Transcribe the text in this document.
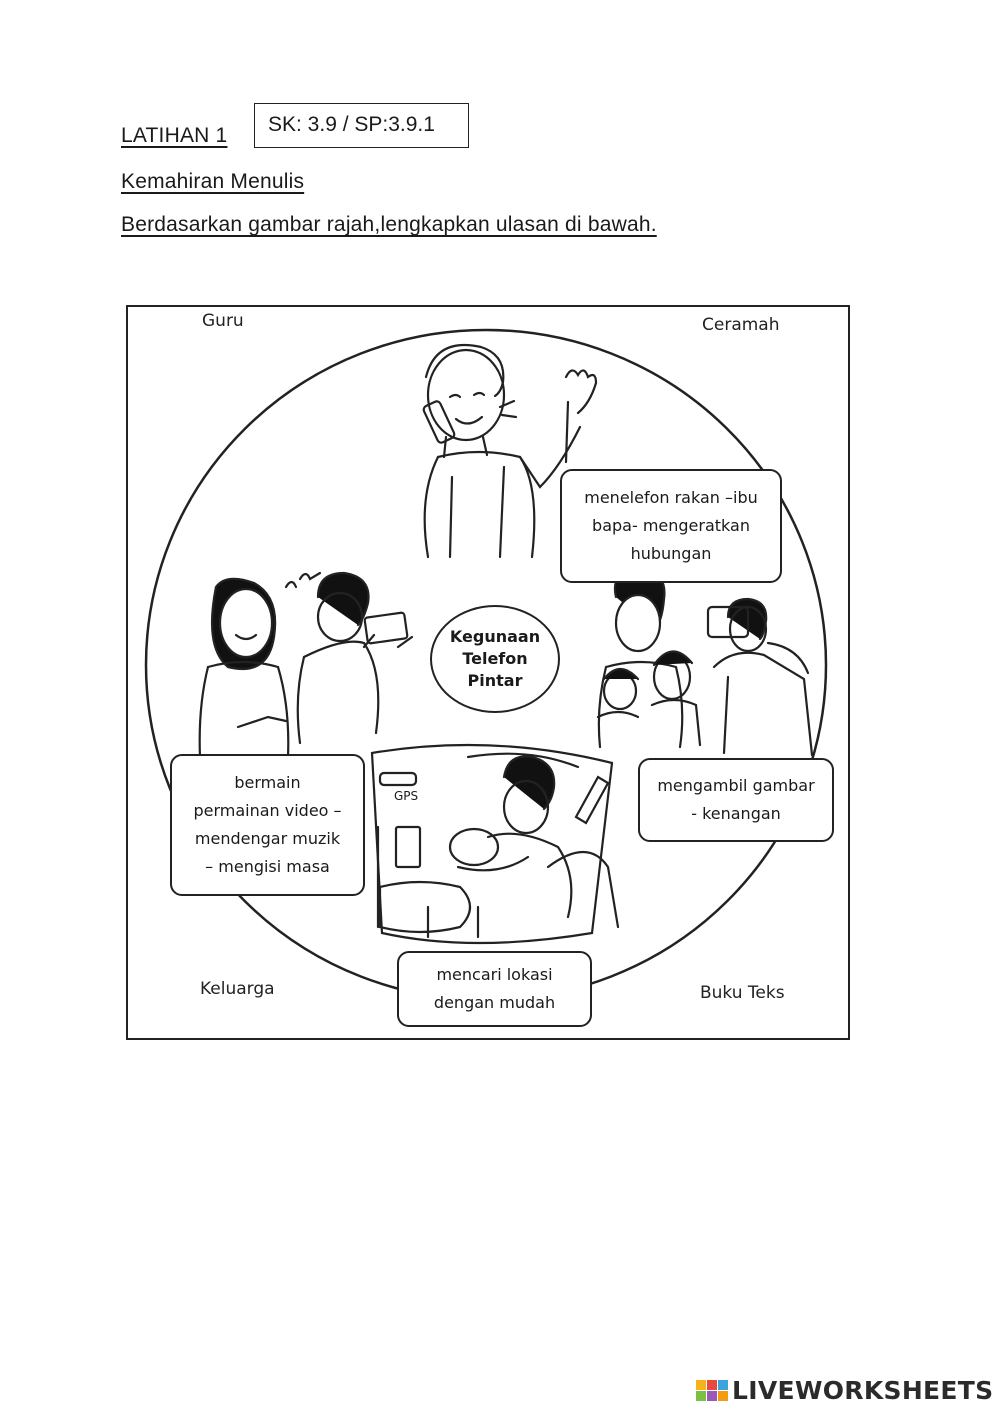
LATIHAN 1	SK: 3.9 / SP:3.9.1
Kemahiran Menulis
Berdasarkan gambar rajah,lengkapkan ulasan di bawah.
Guru	Ceramah
Keluarga	Buku Teks
Kegunaan
Telefon
Pintar
GPS
menelefon rakan –ibu
bapa- mengeratkan
hubungan
bermain
permainan video –
mendengar muzik
– mengisi masa
mengambil gambar
- kenangan
mencari lokasi
dengan mudah
LIVEWORKSHEETS
